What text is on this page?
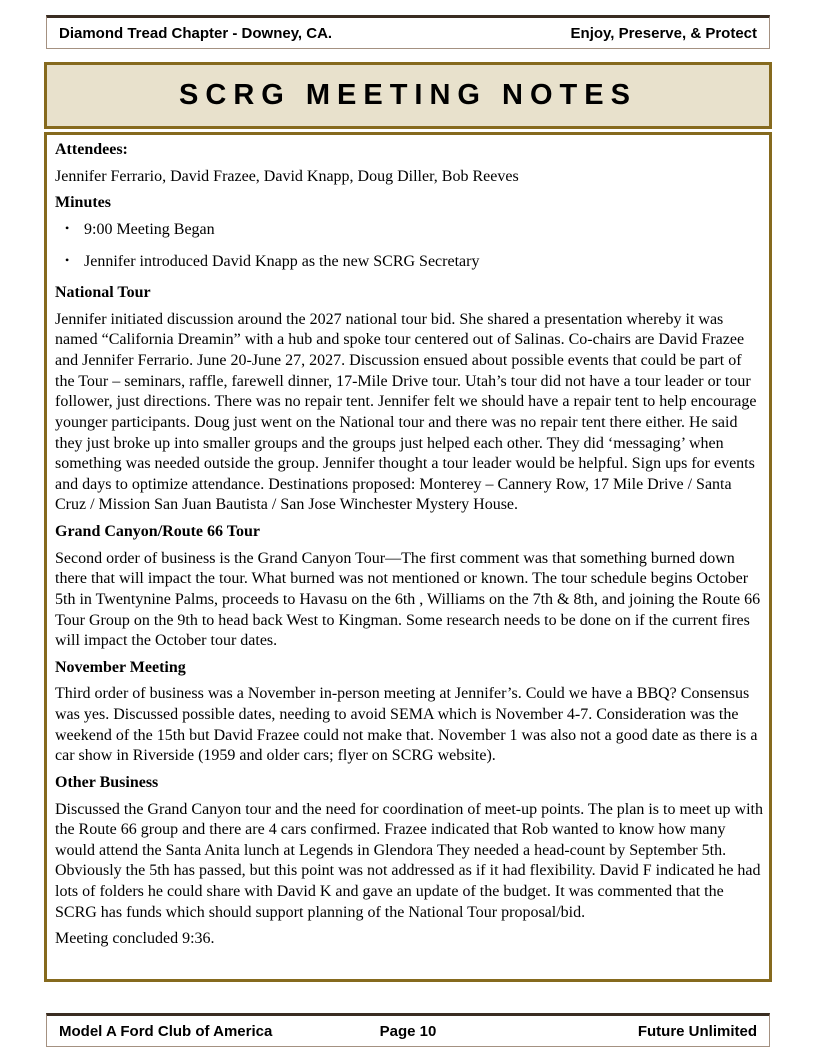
Diamond Tread Chapter - Downey, CA.	Enjoy, Preserve, & Protect
SCRG MEETING NOTES

Attendees:

Jennifer Ferrario, David Frazee, David Knapp, Doug Diller, Bob Reeves

Minutes

• 9:00 Meeting Began
• Jennifer introduced David Knapp as the new SCRG Secretary

National Tour

Jennifer initiated discussion around the 2027 national tour bid. She shared a presentation whereby it was named “California Dreamin” with a hub and spoke tour centered out of Salinas. Co-chairs are David Frazee and Jennifer Ferrario. June 20-June 27, 2027. Discussion ensued about possible events that could be part of the Tour – seminars, raffle, farewell dinner, 17-Mile Drive tour. Utah’s tour did not have a tour leader or tour follower, just directions. There was no repair tent. Jennifer felt we should have a repair tent to help encourage younger participants. Doug just went on the National tour and there was no repair tent there either. He said they just broke up into smaller groups and the groups just helped each other. They did ‘messaging’ when something was needed outside the group. Jennifer thought a tour leader would be helpful. Sign ups for events and days to optimize attendance. Destinations proposed: Monterey – Cannery Row, 17 Mile Drive / Santa Cruz / Mission San Juan Bautista / San Jose Winchester Mystery House.

Grand Canyon/Route 66 Tour

Second order of business is the Grand Canyon Tour—The first comment was that something burned down there that will impact the tour. What burned was not mentioned or known. The tour schedule begins October 5th in Twentynine Palms, proceeds to Havasu on the 6th , Williams on the 7th & 8th, and joining the Route 66 Tour Group on the 9th to head back West to Kingman. Some research needs to be done on if the current fires will impact the October tour dates.

November Meeting

Third order of business was a November in-person meeting at Jennifer’s. Could we have a BBQ? Consensus was yes. Discussed possible dates, needing to avoid SEMA which is November 4-7. Consideration was the weekend of the 15th but David Frazee could not make that. November 1 was also not a good date as there is a car show in Riverside (1959 and older cars; flyer on SCRG website).

Other Business

Discussed the Grand Canyon tour and the need for coordination of meet-up points. The plan is to meet up with the Route 66 group and there are 4 cars confirmed. Frazee indicated that Rob wanted to know how many would attend the Santa Anita lunch at Legends in Glendora They needed a head-count by September 5th. Obviously the 5th has passed, but this point was not addressed as if it had flexibility. David F indicated he had lots of folders he could share with David K and gave an update of the budget. It was commented that the SCRG has funds which should support planning of the National Tour proposal/bid.

Meeting concluded 9:36.

Model A Ford Club of America	Page 10	Future Unlimited
